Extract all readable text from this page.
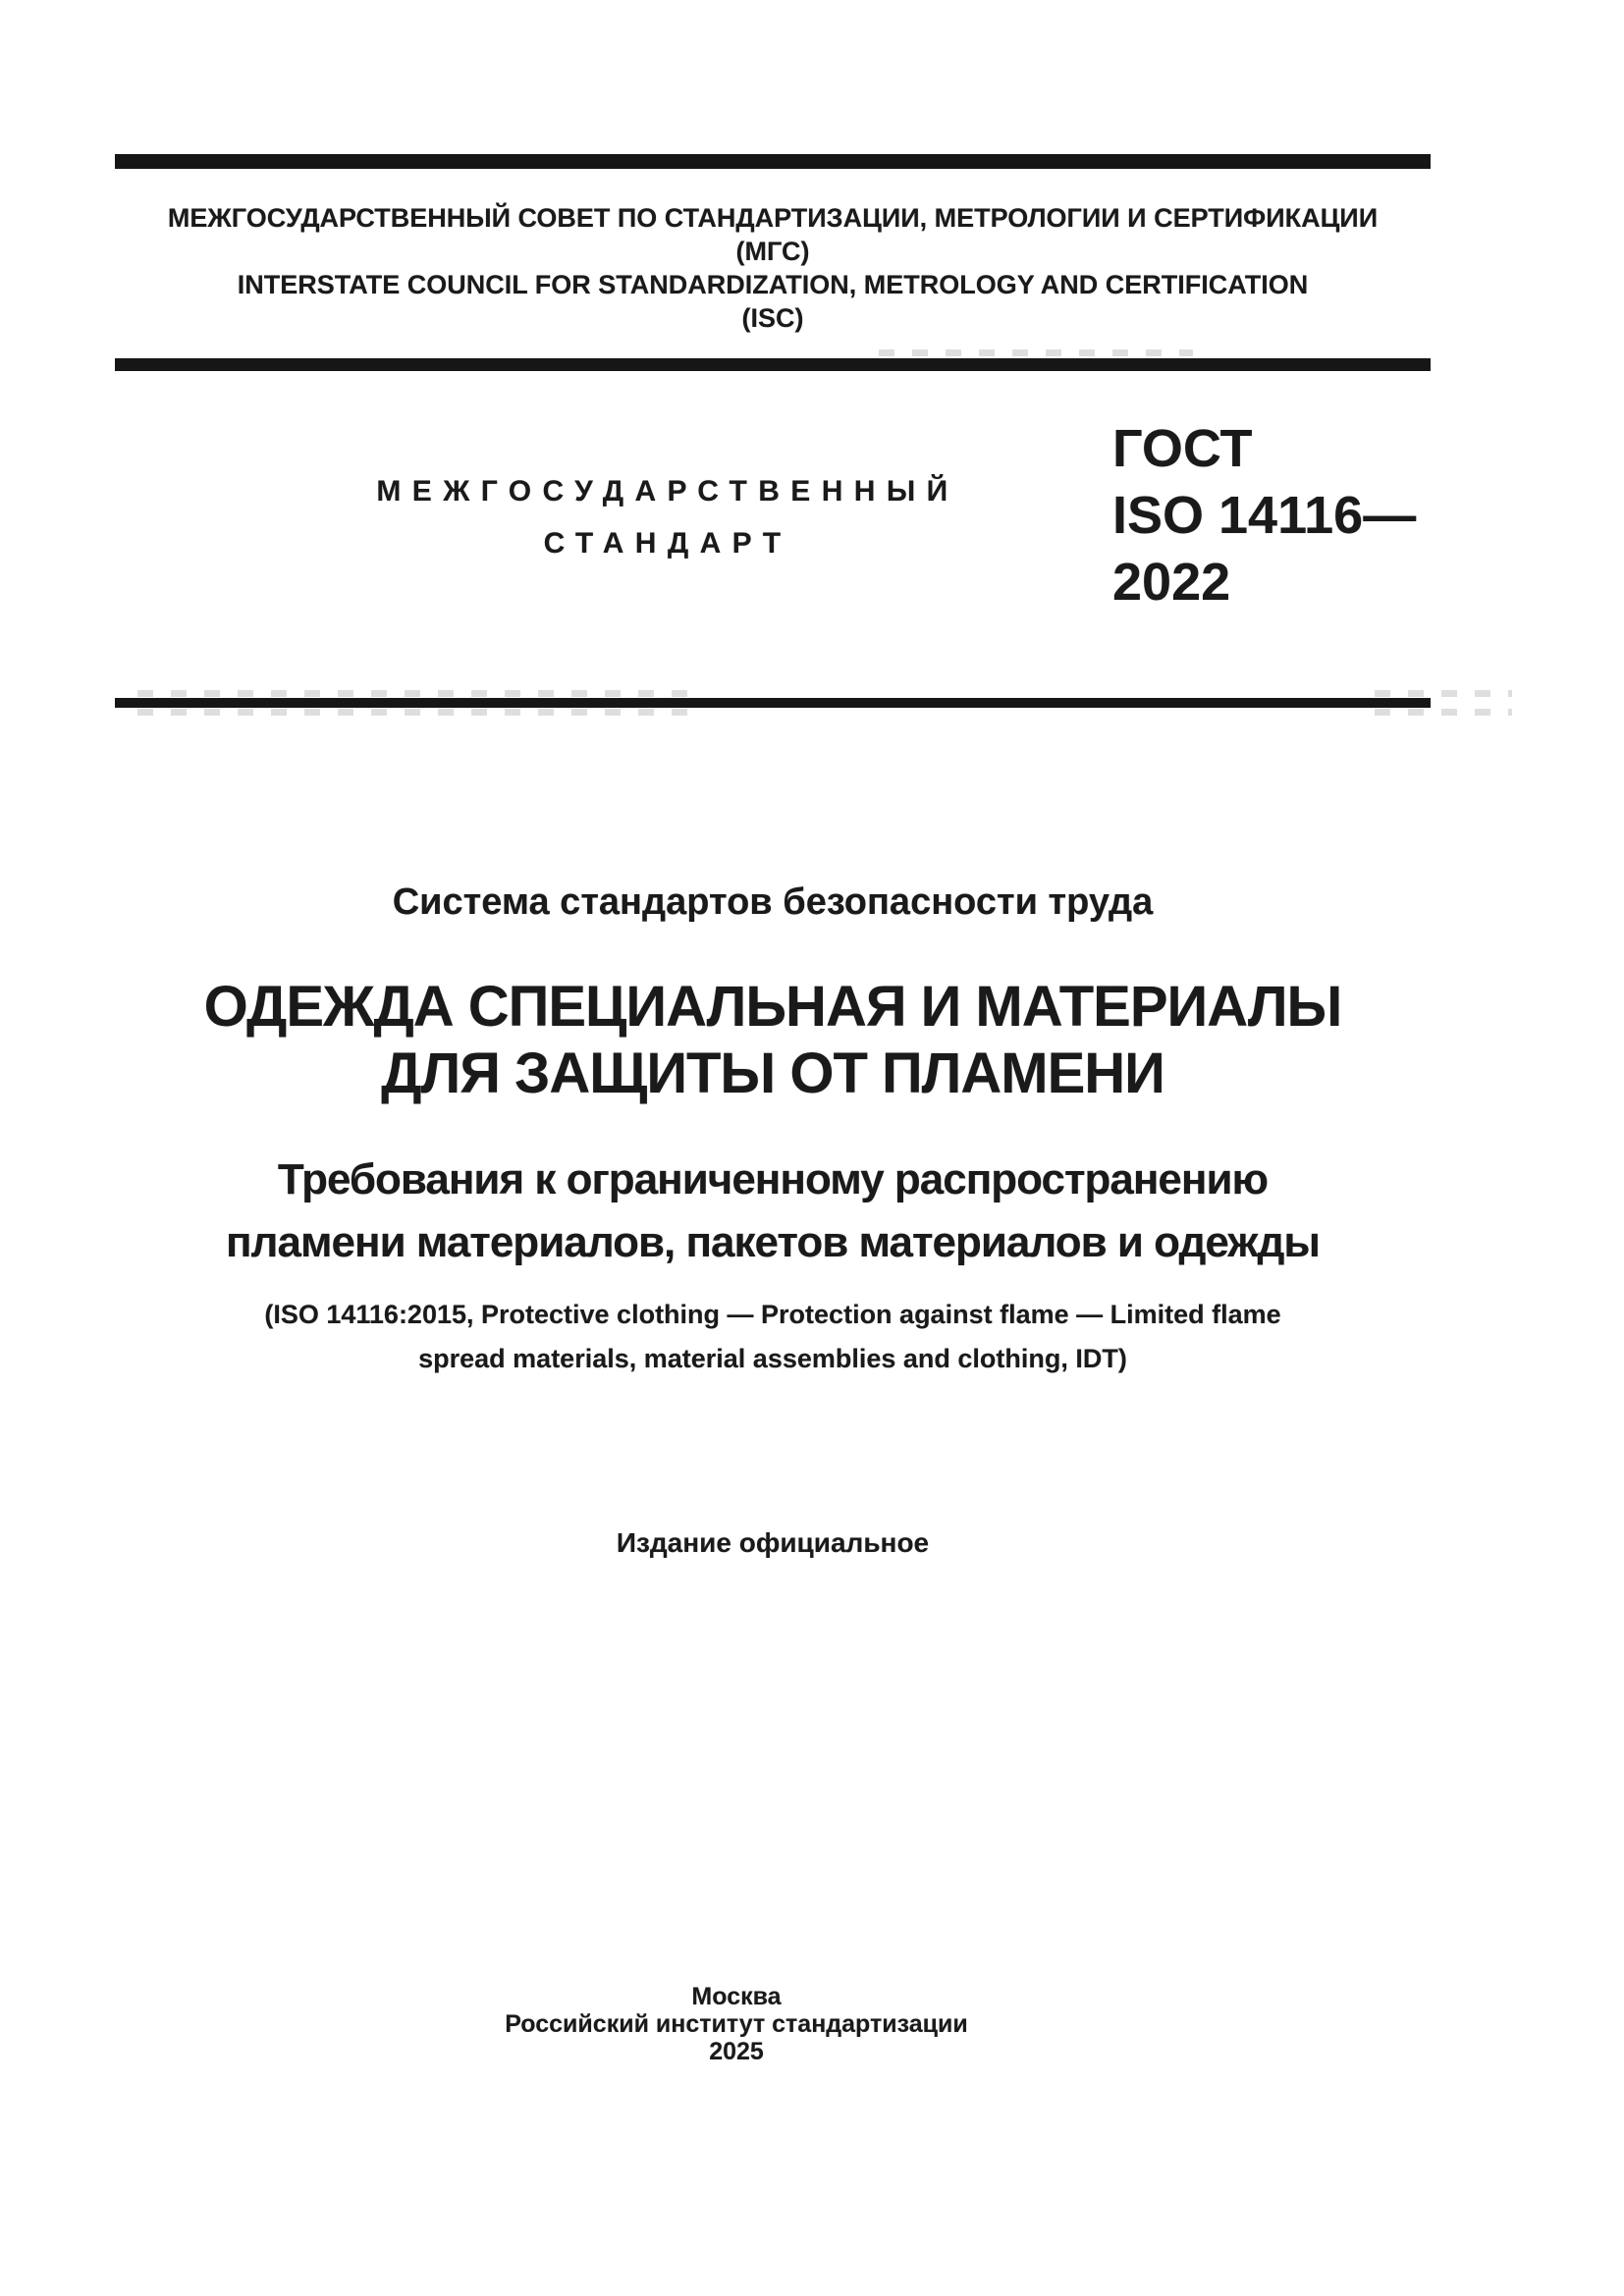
МЕЖГОСУДАРСТВЕННЫЙ СОВЕТ ПО СТАНДАРТИЗАЦИИ, МЕТРОЛОГИИ И СЕРТИФИКАЦИИ
(МГС)
INTERSTATE COUNCIL FOR STANDARDIZATION, METROLOGY AND CERTIFICATION
(ISC)
МЕЖГОСУДАРСТВЕННЫЙ
СТАНДАРТ
ГОСТ
ISO 14116—
2022
Система стандартов безопасности труда
ОДЕЖДА СПЕЦИАЛЬНАЯ И МАТЕРИАЛЫ
ДЛЯ ЗАЩИТЫ ОТ ПЛАМЕНИ
Требования к ограниченному распространению
пламени материалов, пакетов материалов и одежды
(ISO 14116:2015, Protective clothing — Protection against flame — Limited flame
spread materials, material assemblies and clothing, IDT)
Издание официальное
Москва
Российский институт стандартизации
2025
